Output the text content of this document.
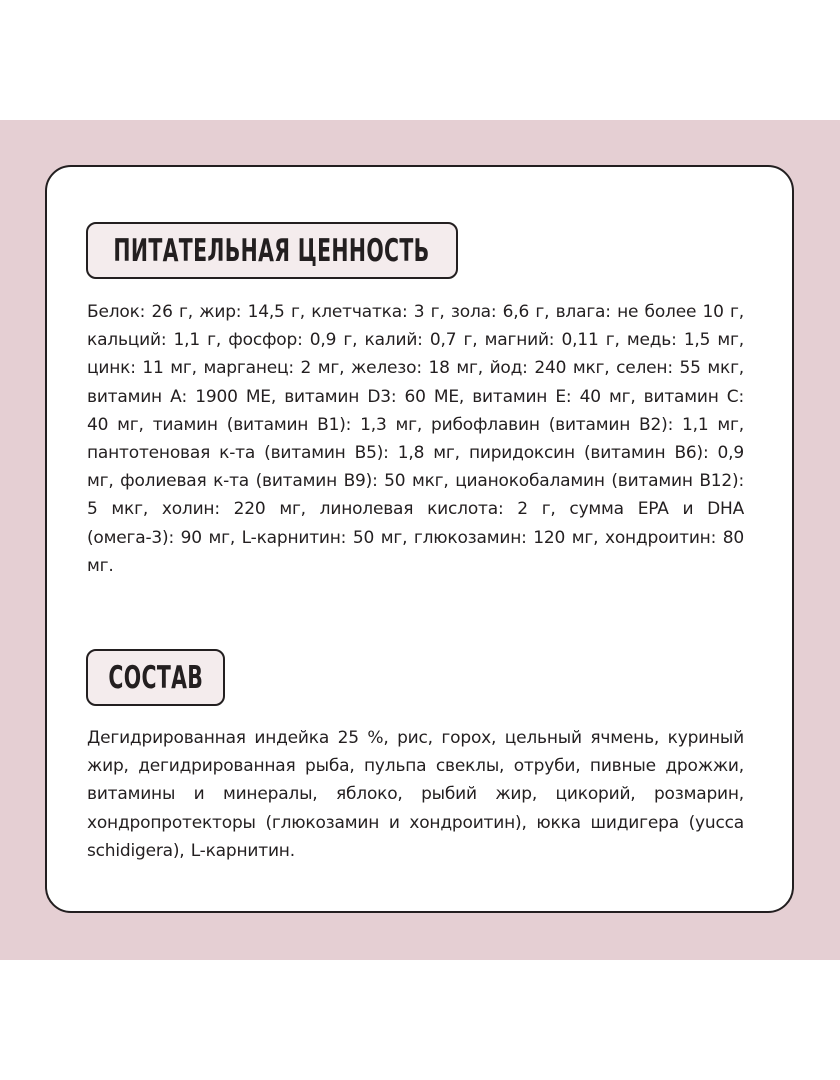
ПИТАТЕЛЬНАЯ ЦЕННОСТЬ
Белок: 26 г, жир: 14,5 г, клетчатка: 3 г, зола: 6,6 г, влага: не более 10 г, кальций: 1,1 г, фосфор: 0,9 г, калий: 0,7 г, магний: 0,11 г, медь: 1,5 мг, цинк: 11 мг, марганец: 2 мг, железо: 18 мг, йод: 240 мкг, селен: 55 мкг, витамин А: 1900 МЕ, витамин D3: 60 МЕ, витамин Е: 40 мг, витамин С: 40 мг, тиамин (витамин В1): 1,3 мг, рибофлавин (витамин В2): 1,1 мг, пантотеновая к-та (витамин В5): 1,8 мг, пиридоксин (витамин В6): 0,9 мг, фолиевая к-та (витамин В9): 50 мкг, цианокобаламин (витамин В12): 5 мкг, холин: 220 мг, линолевая кислота: 2 г, сумма EPA и DHA (омега-3): 90 мг, L-карнитин: 50 мг, глюкозамин: 120 мг, хондроитин: 80 мг.
СОСТАВ
Дегидрированная индейка 25 %, рис, горох, цельный ячмень, куриный жир, дегидрированная рыба, пульпа свеклы, отруби, пивные дрожжи, витамины и минералы, яблоко, рыбий жир, цикорий, розмарин, хондропротекторы (глюкозамин и хондроитин), юкка шидигера (yucca schidigera), L-карнитин.
